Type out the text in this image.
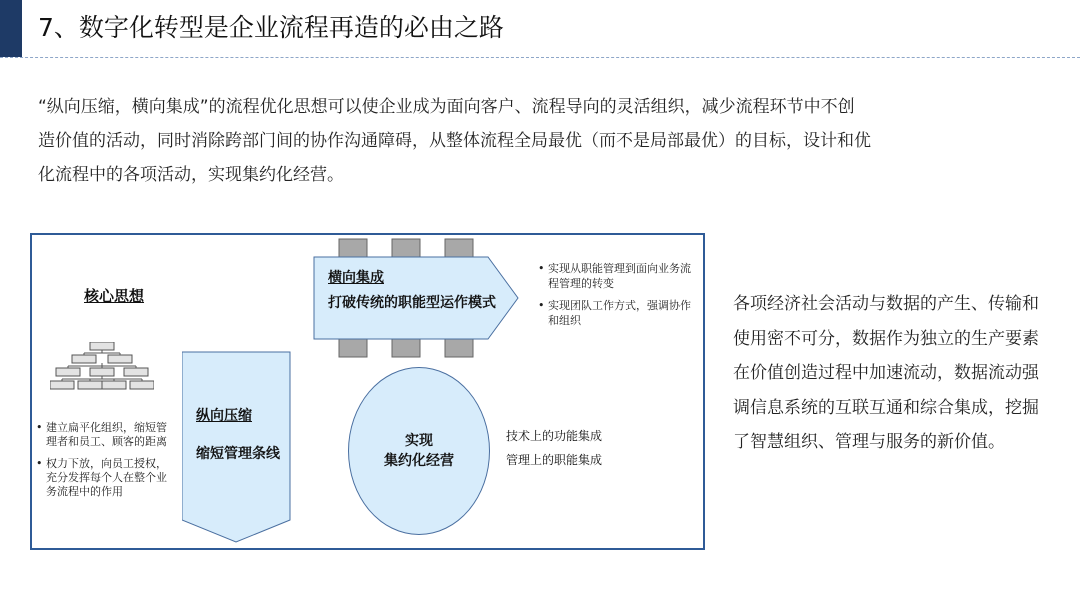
7、数字化转型是企业流程再造的必由之路
“纵向压缩，横向集成”的流程优化思想可以使企业成为面向客户、流程导向的灵活组织，减少流程环节中不创
造价值的活动，同时消除跨部门间的协作沟通障碍，从整体流程全局最优（而不是局部最优）的目标，设计和优
化流程中的各项活动，实现集约化经营。
核心思想
• 建立扁平化组织，缩短管理者和员工、顾客的距离
• 权力下放，向员工授权，充分发挥每个人在整个业务流程中的作用
纵向压缩
缩短管理条线
横向集成
打破传统的职能型运作模式
• 实现从职能管理到面向业务流程管理的转变
• 实现团队工作方式，强调协作和组织
实现
集约化经营
技术上的功能集成
管理上的职能集成
各项经济社会活动与数据的产生、传输和使用密不可分，数据作为独立的生产要素在价值创造过程中加速流动，数据流动强调信息系统的互联互通和综合集成，挖掘了智慧组织、管理与服务的新价值。
